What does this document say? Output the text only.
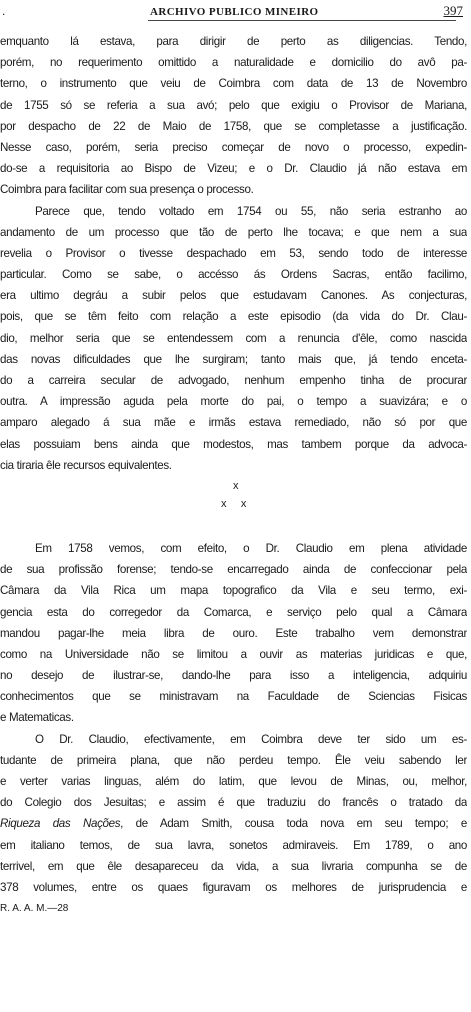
.	ARCHIVO PUBLICO MINEIRO	397
emquanto lá estava, para dirigir de perto as diligencias. Tendo,
porém, no requerimento omittido a naturalidade e domicilio do avô pa-
terno, o instrumento que veiu de Coimbra com data de 13 de Novembro
de 1755 só se referia a sua avó; pelo que exigiu o Provisor de Mariana,
por despacho de 22 de Maio de 1758, que se completasse a justificação.
Nesse caso, porém, seria preciso começar de novo o processo, expedin-
do-se a requisitoria ao Bispo de Vizeu; e o Dr. Claudio já não estava em
Coimbra para facilitar com sua presença o processo.
Parece que, tendo voltado em 1754 ou 55, não seria estranho ao
andamento de um processo que tão de perto lhe tocava; e que nem a sua
revelia o Provisor o tivesse despachado em 53, sendo todo de interesse
particular. Como se sabe, o accésso ás Ordens Sacras, então facilimo,
era ultimo degráu a subir pelos que estudavam Canones. As conjecturas,
pois, que se têm feito com relação a este episodio (da vida do Dr. Clau-
dio, melhor seria que se entendessem com a renuncia d'êle, como nascida
das novas dificuldades que lhe surgiram; tanto mais que, já tendo enceta-
do a carreira secular de advogado, nenhum empenho tinha de procurar
outra. A impressão aguda pela morte do pai, o tempo a suavizára; e o
amparo alegado á sua mãe e irmãs estava remediado, não só por que
elas possuiam bens ainda que modestos, mas tambem porque da advoca-
cia tiraria êle recursos equivalentes.
x
x x
Em 1758 vemos, com efeito, o Dr. Claudio em plena atividade
de sua profissão forense; tendo-se encarregado ainda de confeccionar pela
Câmara da Vila Rica um mapa topografico da Vila e seu termo, exi-
gencia esta do corregedor da Comarca, e serviço pelo qual a Câmara
mandou pagar-lhe meia libra de ouro. Este trabalho vem demonstrar
como na Universidade não se limitou a ouvir as materias juridicas e que,
no desejo de ilustrar-se, dando-lhe para isso a inteligencia, adquiriu
conhecimentos que se ministravam na Faculdade de Sciencias Fisicas
e Matematicas.
O Dr. Claudio, efectivamente, em Coimbra deve ter sido um es-
tudante de primeira plana, que não perdeu tempo. Êle veiu sabendo ler
e verter varias linguas, além do latim, que levou de Minas, ou, melhor,
do Colegio dos Jesuitas; e assim é que traduziu do francês o tratado da
Riqueza das Nações, de Adam Smith, cousa toda nova em seu tempo; e
em italiano temos, de sua lavra, sonetos admiraveis. Em 1789, o ano
terrivel, em que êle desapareceu da vida, a sua livraria compunha se de
378 volumes, entre os quaes figuravam os melhores de jurisprudencia e
R. A. A. M.—28
